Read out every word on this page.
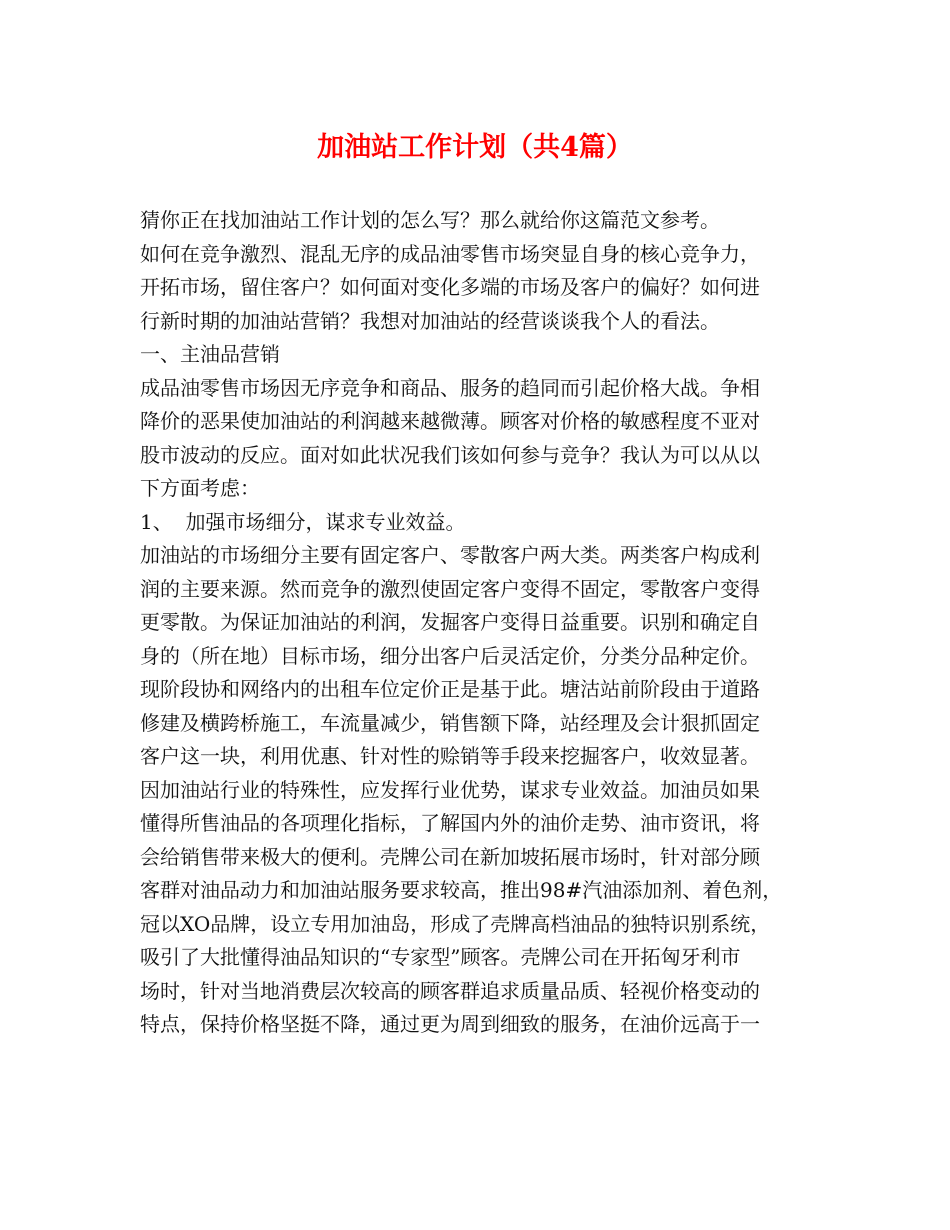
加油站工作计划（共4篇）
猜你正在找加油站工作计划的怎么写？那么就给你这篇范文参考。
如何在竞争激烈、混乱无序的成品油零售市场突显自身的核心竞争力，
开拓市场，留住客户？如何面对变化多端的市场及客户的偏好？如何进
行新时期的加油站营销？我想对加油站的经营谈谈我个人的看法。
一、主油品营销
成品油零售市场因无序竞争和商品、服务的趋同而引起价格大战。争相
降价的恶果使加油站的利润越来越微薄。顾客对价格的敏感程度不亚对
股市波动的反应。面对如此状况我们该如何参与竞争？我认为可以从以
下方面考虑：
1、  加强市场细分，谋求专业效益。
加油站的市场细分主要有固定客户、零散客户两大类。两类客户构成利
润的主要来源。然而竞争的激烈使固定客户变得不固定，零散客户变得
更零散。为保证加油站的利润，发掘客户变得日益重要。识别和确定自
身的（所在地）目标市场，细分出客户后灵活定价，分类分品种定价。
现阶段协和网络内的出租车位定价正是基于此。塘沽站前阶段由于道路
修建及横跨桥施工，车流量减少，销售额下降，站经理及会计狠抓固定
客户这一块，利用优惠、针对性的赊销等手段来挖掘客户，收效显著。
因加油站行业的特殊性，应发挥行业优势，谋求专业效益。加油员如果
懂得所售油品的各项理化指标，了解国内外的油价走势、油市资讯，将
会给销售带来极大的便利。壳牌公司在新加坡拓展市场时，针对部分顾
客群对油品动力和加油站服务要求较高，推出98#汽油添加剂、着色剂，
冠以XO品牌，设立专用加油岛，形成了壳牌高档油品的独特识别系统，
吸引了大批懂得油品知识的“专家型”顾客。壳牌公司在开拓匈牙利市
场时，针对当地消费层次较高的顾客群追求质量品质、轻视价格变动的
特点，保持价格坚挺不降，通过更为周到细致的服务，在油价远高于一
